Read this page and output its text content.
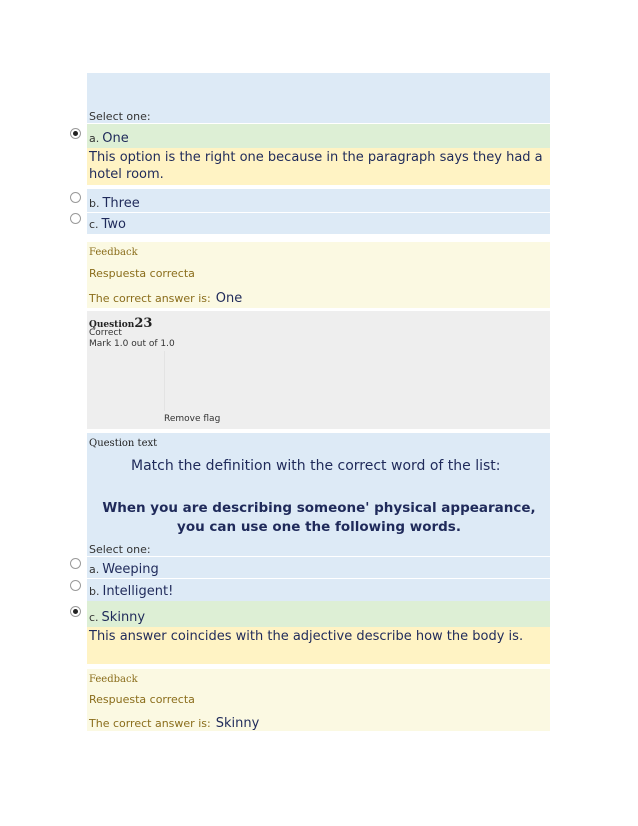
Select one:
a. One
This option is the right one because in the paragraph says they had a hotel room.
b. Three
c. Two
Feedback
Respuesta correcta
The correct answer is: One
Question23
Correct
Mark 1.0 out of 1.0
Remove flag
Question text
Match the definition with the correct word of the list:
When you are describing someone' physical appearance, you can use one the following words.
Select one:
a. Weeping
b. Intelligent!
c. Skinny
This answer coincides with the adjective describe how the body is.
Feedback
Respuesta correcta
The correct answer is: Skinny
